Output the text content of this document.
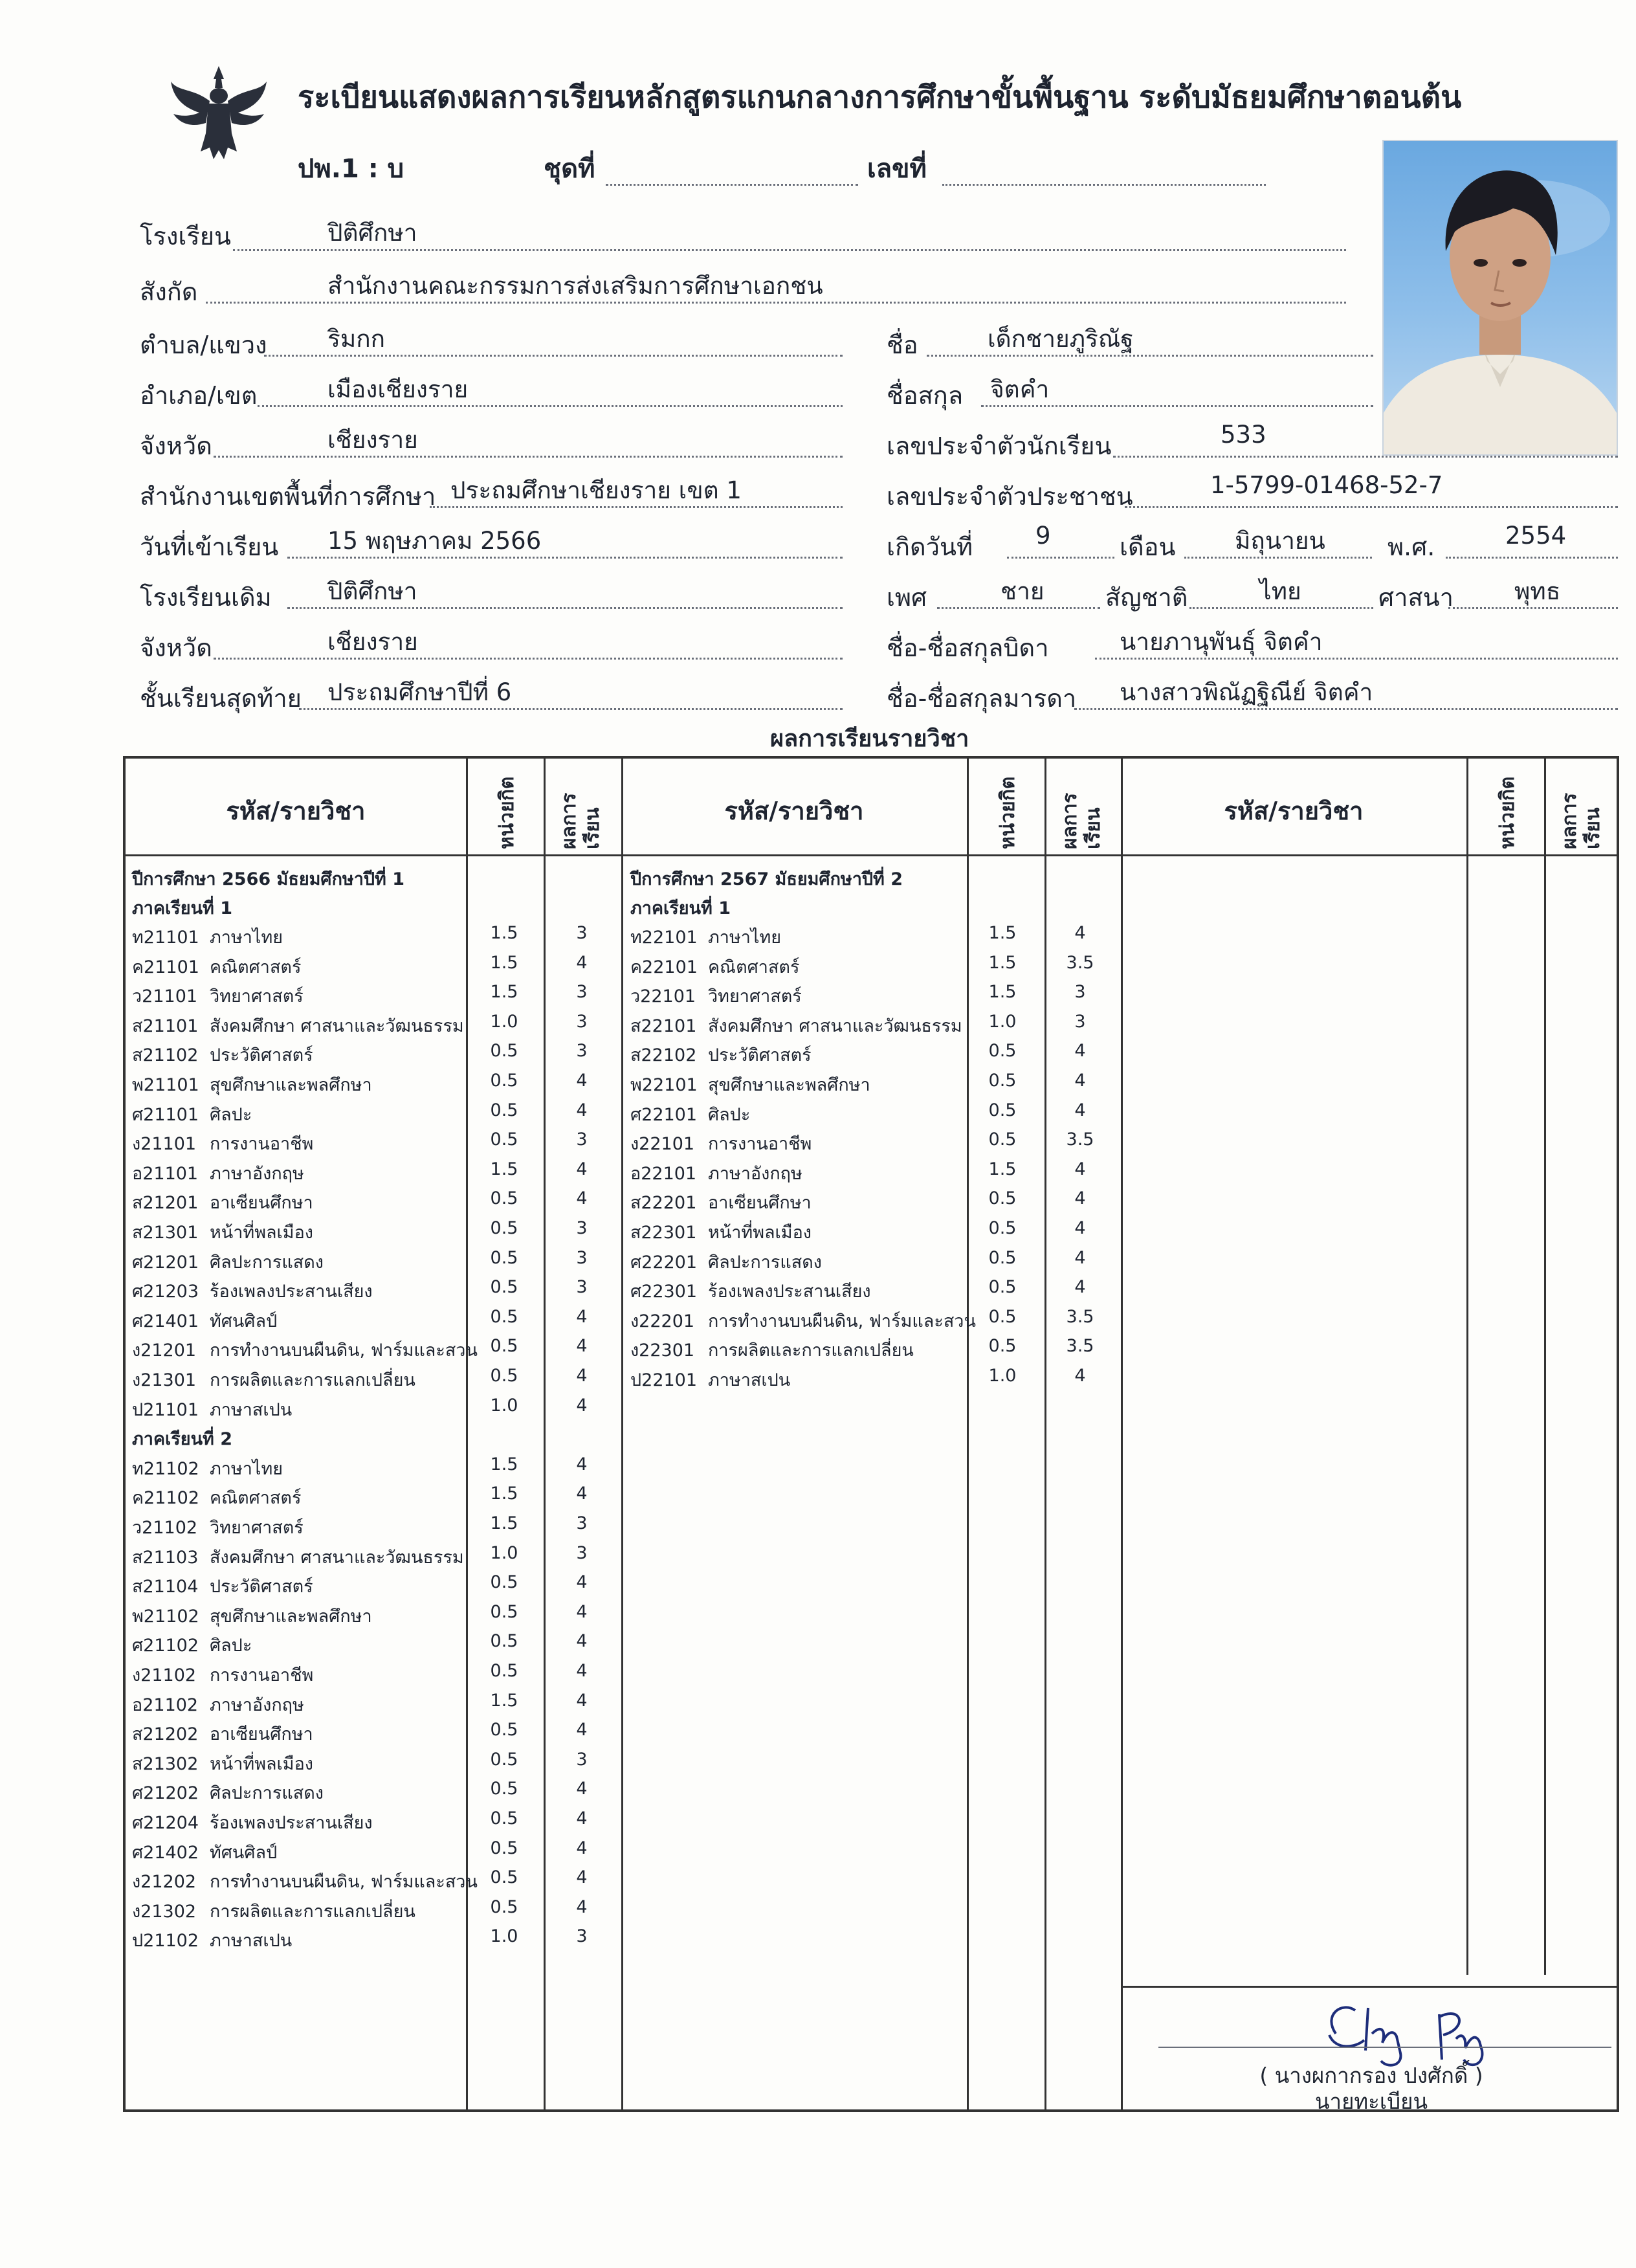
ระเบียนแสดงผลการเรียนหลักสูตรแกนกลางการศึกษาขั้นพื้นฐาน ระดับมัธยมศึกษาตอนต้น
ปพ.1 : บ	ชุดที่	เลขที่
โรงเรียน	ปิติศึกษา
สังกัด	สำนักงานคณะกรรมการส่งเสริมการศึกษาเอกชน
ตำบล/แขวง	ริมกก
อำเภอ/เขต	เมืองเชียงราย
จังหวัด	เชียงราย
สำนักงานเขตพื้นที่การศึกษา ประถมศึกษาเชียงราย เขต 1
วันที่เข้าเรียน 15 พฤษภาคม 2566
โรงเรียนเดิม ปิติศึกษา
จังหวัด	เชียงราย
ชั้นเรียนสุดท้าย ประถมศึกษาปีที่ 6
ชื่อ	เด็กชายภูริณัฐ
ชื่อสกุล จิตคำ
เลขประจำตัวนักเรียน	533
เลขประจำตัวประชาชน	1-5799-01468-52-7
เกิดวันที่	9	เดือน มิถุนายน	พ.ศ.	2554
เพศ	ชาย สัญชาติ	ไทย	ศาสนา	พุทธ
ชื่อ-ชื่อสกุลบิดา	นายภานุพันธุ์ จิตคำ
ชื่อ-ชื่อสกุลมารดา นางสาวพิณัฏฐิณีย์ จิตคำ
ผลการเรียนรายวิชา
รหัส/รายวิชา	หน่วยกิต ผลการเรียน	รหัส/รายวิชา	หน่วยกิต ผลการเรียน	รหัส/รายวิชา	หน่วยกิต ผลการเรียน
ปีการศึกษา 2566 มัธยมศึกษาปีที่ 1
ภาคเรียนที่ 1
ภาคเรียนที่ 2
ปีการศึกษา 2567 มัธยมศึกษาปีที่ 2
ภาคเรียนที่ 1
ท21101 ภาษาไทย	1.5	3
ค21101 คณิตศาสตร์	1.5	4
ว21101 วิทยาศาสตร์	1.5	3
ส21101 สังคมศึกษา ศาสนาและวัฒนธรรม	1.0	3
ส21102 ประวัติศาสตร์	0.5	3
พ21101 สุขศึกษาและพลศึกษา	0.5	4
ศ21101 ศิลปะ	0.5	4
ง21101 การงานอาชีพ	0.5	3
อ21101 ภาษาอังกฤษ	1.5	4
ส21201 อาเซียนศึกษา	0.5	4
ส21301 หน้าที่พลเมือง	0.5	3
ศ21201 ศิลปะการแสดง	0.5	3
ศ21203 ร้องเพลงประสานเสียง	0.5	3
ศ21401 ทัศนศิลป์	0.5	4
ง21201 การทำงานบนผืนดิน, ฟาร์มและสวน 0.5	4
ง21301 การผลิตและการแลกเปลี่ยน	0.5	4
ป21101 ภาษาสเปน	1.0	4
ท21102 ภาษาไทย	1.5	4
ค21102 คณิตศาสตร์	1.5	4
ว21102 วิทยาศาสตร์	1.5	3
ส21103 สังคมศึกษา ศาสนาและวัฒนธรรม	1.0	3
ส21104 ประวัติศาสตร์	0.5	4
พ21102 สุขศึกษาและพลศึกษา	0.5	4
ศ21102 ศิลปะ	0.5	4
ง21102 การงานอาชีพ	0.5	4
อ21102 ภาษาอังกฤษ	1.5	4
ส21202 อาเซียนศึกษา	0.5	4
ส21302 หน้าที่พลเมือง	0.5	3
ศ21202 ศิลปะการแสดง	0.5	4
ศ21204 ร้องเพลงประสานเสียง	0.5	4
ศ21402 ทัศนศิลป์	0.5	4
ง21202 การทำงานบนผืนดิน, ฟาร์มและสวน 0.5	4
ง21302 การผลิตและการแลกเปลี่ยน	0.5	4
ป21102 ภาษาสเปน	1.0	3
ท22101 ภาษาไทย	1.5	4
ค22101 คณิตศาสตร์	1.5	3.5
ว22101 วิทยาศาสตร์	1.5	3
ส22101 สังคมศึกษา ศาสนาและวัฒนธรรม	1.0	3
ส22102 ประวัติศาสตร์	0.5	4
พ22101 สุขศึกษาและพลศึกษา	0.5	4
ศ22101 ศิลปะ	0.5	4
ง22101 การงานอาชีพ	0.5	3.5
อ22101 ภาษาอังกฤษ	1.5	4
ส22201 อาเซียนศึกษา	0.5	4
ส22301 หน้าที่พลเมือง	0.5	4
ศ22201 ศิลปะการแสดง	0.5	4
ศ22301 ร้องเพลงประสานเสียง	0.5	4
ง22201 การทำงานบนผืนดิน, ฟาร์มและสวน 0.5	3.5
ง22301 การผลิตและการแลกเปลี่ยน	0.5	3.5
ป22101 ภาษาสเปน	1.0	4
( นางผกากรอง ปงศักดิ์ )
นายทะเบียน
